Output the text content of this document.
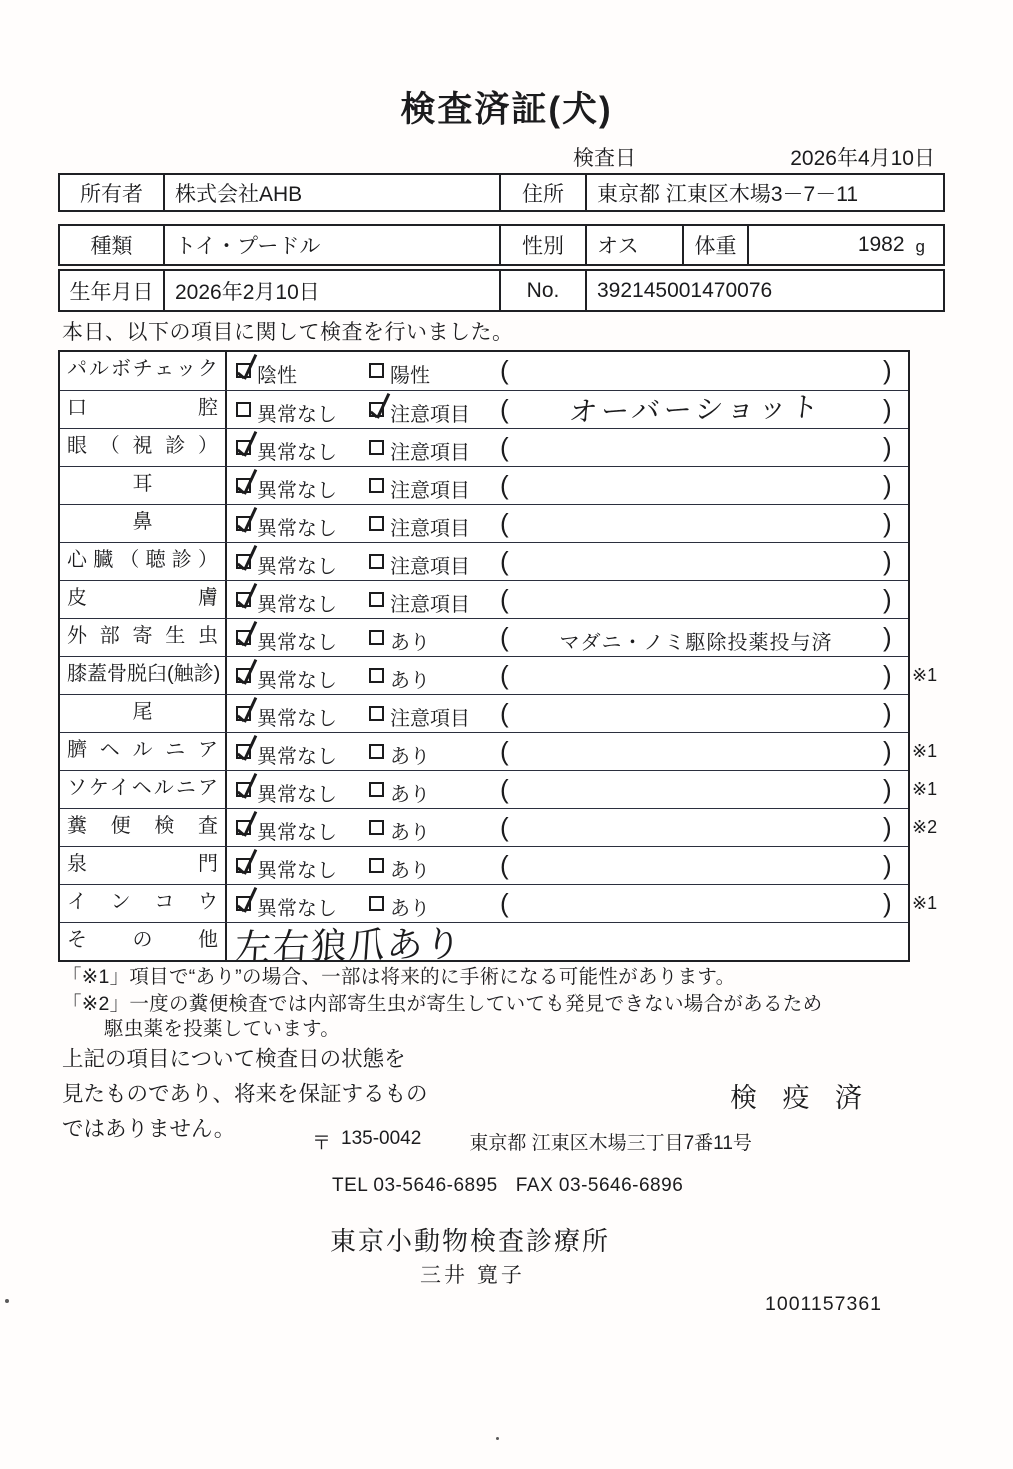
検査済証(犬)
検査日	2026年4月10日
所有者	株式会社AHB	住所	東京都 江東区木場3－7－11
種類	トイ・プードル	性別	オス	体重	1982 g
生年月日	2026年2月10日	No.	392145001470076
本日、以下の項目に関して検査を行いました。
パルボチェック	陰性	陽性	(	)
口腔	異常なし	注意項目 (	オーバーショット	)
眼（視診）	異常なし	注意項目 (	)
耳	異常なし	注意項目 (	)
鼻	異常なし	注意項目 (	)
心臓（聴診）	異常なし	注意項目 (	)
皮膚	異常なし	注意項目 (	)
外部寄生虫	異常なし	あり	(	マダニ・ノミ駆除投薬投与済	)
膝蓋骨脱臼(触診)	異常なし	あり	(	) ※1
尾	異常なし	注意項目 (	)
臍ヘルニア	異常なし	あり	(	) ※1
ソケイヘルニア	異常なし	あり	(	) ※1
糞便検査	異常なし	あり	(	) ※2
泉門	異常なし	あり	(	)
インコウ	異常なし	あり	(	) ※1
その他 左右狼爪あり
「※1」項目で“あり”の場合、一部は将来的に手術になる可能性があります。
「※2」一度の糞便検査では内部寄生虫が寄生していても発見できない場合があるため
駆虫薬を投薬しています。
上記の項目について検査日の状態を
見たものであり、将来を保証するもの
ではありません。
検 疫 済
〒 135-0042	東京都 江東区木場三丁目7番11号
TEL 03-5646-6895 FAX 03-5646-6896
東京小動物検査診療所
三井 寛子
1001157361
